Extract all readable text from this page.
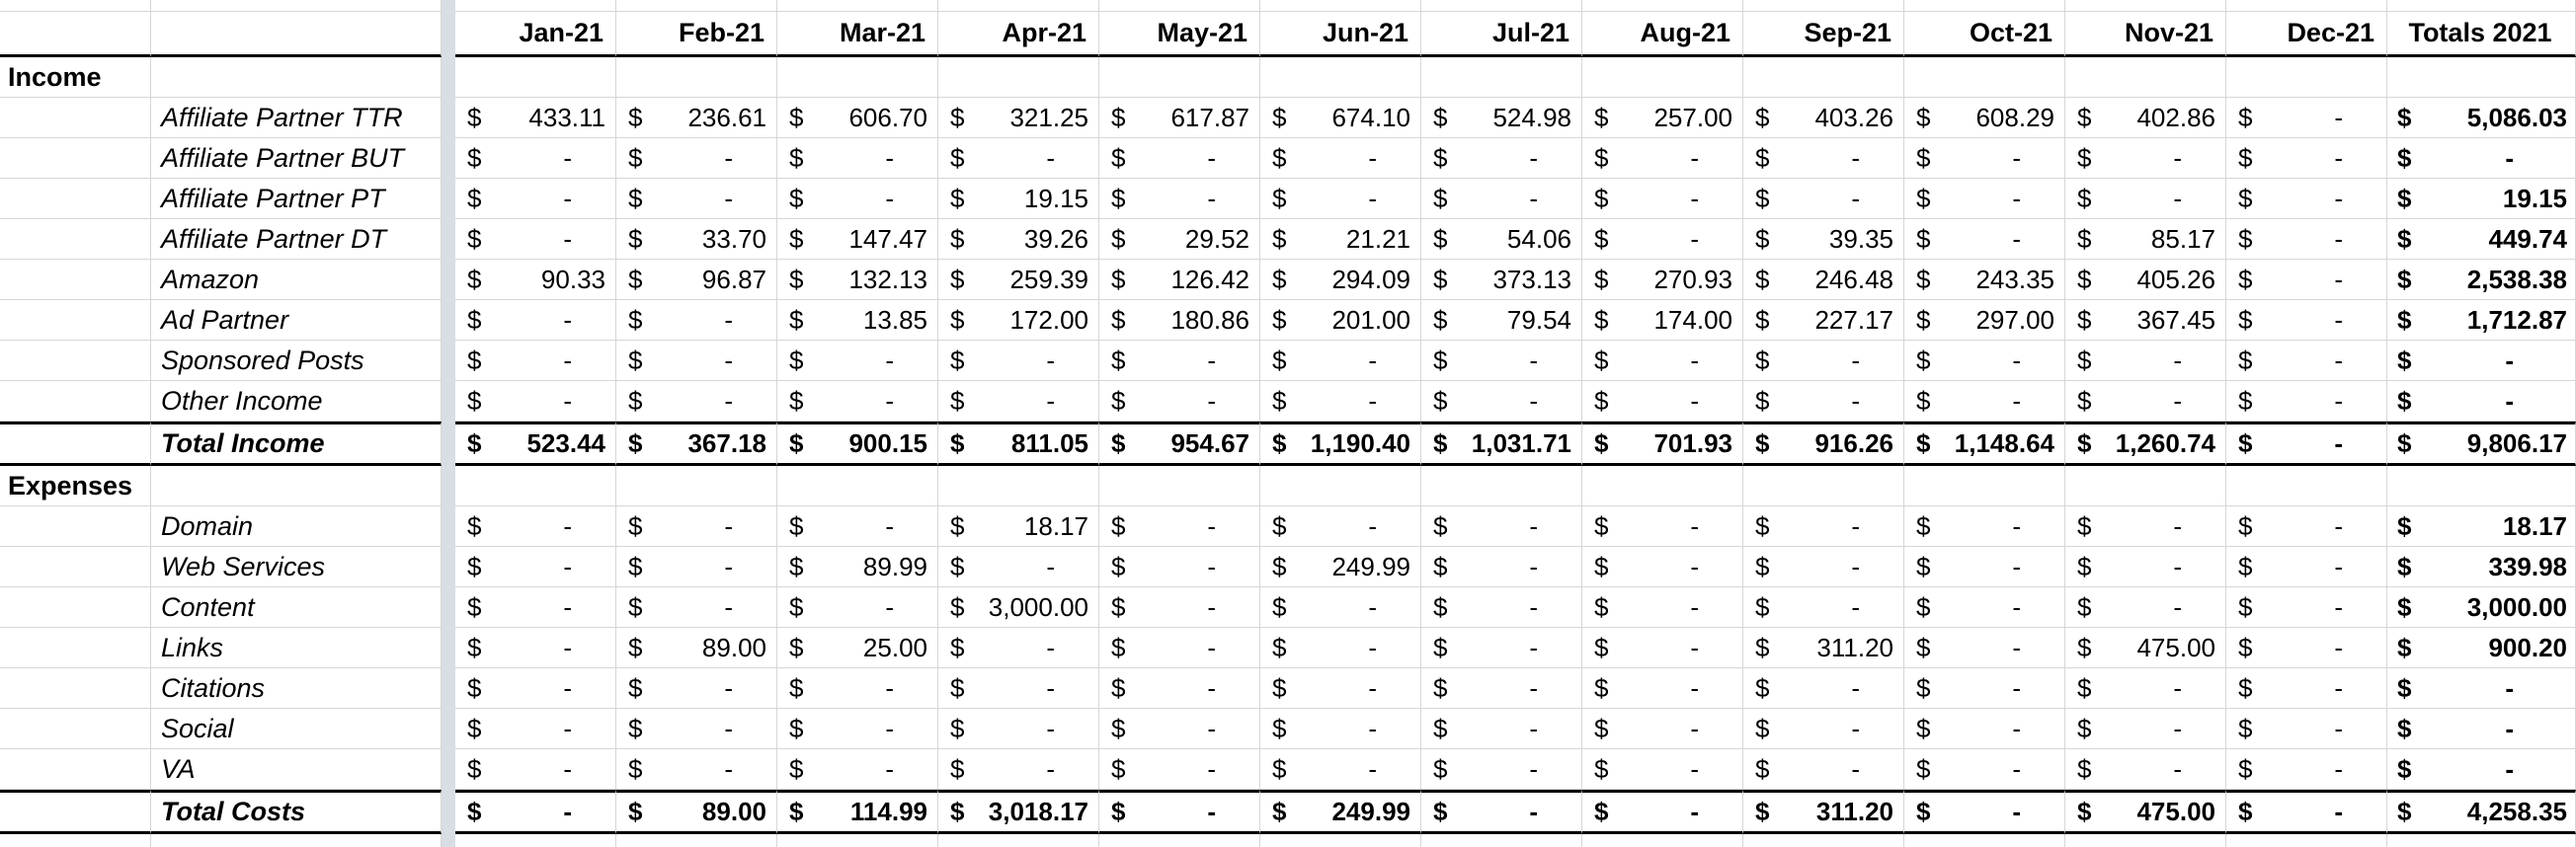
			Jan-21	Feb-21	Mar-21	Apr-21	May-21	Jun-21	Jul-21	Aug-21	Sep-21	Oct-21	Nov-21	Dec-21	Totals 2021
Income															
	Affiliate Partner TTR		$ 433.11	$ 236.61	$ 606.70	$ 321.25	$ 617.87	$ 674.10	$ 524.98	$ 257.00	$ 403.26	$ 608.29	$ 402.86	$ -	$ 5,086.03

	Affiliate Partner BUT		$ -	$ -	$ -	$ -	$ -	$ -	$ -	$ -	$ -	$ -	$ -	$ -	$ -

	Affiliate Partner PT		$ -	$ -	$ -	$ 19.15	$ -	$ -	$ -	$ -	$ -	$ -	$ -	$ -	$ 19.15

	Affiliate Partner DT		$ -	$ 33.70	$ 147.47	$ 39.26	$ 29.52	$ 21.21	$ 54.06	$ -	$ 39.35	$ -	$ 85.17	$ -	$ 449.74

	Amazon		$ 90.33	$ 96.87	$ 132.13	$ 259.39	$ 126.42	$ 294.09	$ 373.13	$ 270.93	$ 246.48	$ 243.35	$ 405.26	$ -	$ 2,538.38

	Ad Partner		$ -	$ -	$ 13.85	$ 172.00	$ 180.86	$ 201.00	$ 79.54	$ 174.00	$ 227.17	$ 297.00	$ 367.45	$ -	$ 1,712.87

	Sponsored Posts		$ -	$ -	$ -	$ -	$ -	$ -	$ -	$ -	$ -	$ -	$ -	$ -	$ -

	Other Income		$ -	$ -	$ -	$ -	$ -	$ -	$ -	$ -	$ -	$ -	$ -	$ -	$ -

	Total Income		$ 523.44	$ 367.18	$ 900.15	$ 811.05	$ 954.67	$ 1,190.40	$ 1,031.71	$ 701.93	$ 916.26	$ 1,148.64	$ 1,260.74	$ -	$ 9,806.17

Expenses															
	Domain		$ -	$ -	$ -	$ 18.17	$ -	$ -	$ -	$ -	$ -	$ -	$ -	$ -	$ 18.17

	Web Services		$ -	$ -	$ 89.99	$ -	$ -	$ 249.99	$ -	$ -	$ -	$ -	$ -	$ -	$ 339.98

	Content		$ -	$ -	$ -	$ 3,000.00	$ -	$ -	$ -	$ -	$ -	$ -	$ -	$ -	$ 3,000.00

	Links		$ -	$ 89.00	$ 25.00	$ -	$ -	$ -	$ -	$ -	$ 311.20	$ -	$ 475.00	$ -	$ 900.20

	Citations		$ -	$ -	$ -	$ -	$ -	$ -	$ -	$ -	$ -	$ -	$ -	$ -	$ -

	Social		$ -	$ -	$ -	$ -	$ -	$ -	$ -	$ -	$ -	$ -	$ -	$ -	$ -

	VA		$ -	$ -	$ -	$ -	$ -	$ -	$ -	$ -	$ -	$ -	$ -	$ -	$ -

	Total Costs		$ -	$ 89.00	$ 114.99	$ 3,018.17	$ -	$ 249.99	$ -	$ -	$ 311.20	$ -	$ 475.00	$ -	$ 4,258.35
